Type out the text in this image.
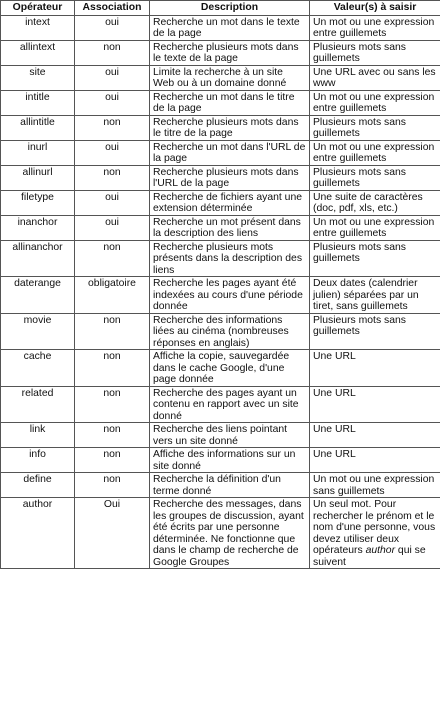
Opérateur	Association	Description	Valeur(s) à saisir
intext	oui	Recherche un mot dans le texte de la page	Un mot ou une expression entre guillemets
allintext	non	Recherche plusieurs mots dans le texte de la page	Plusieurs mots sans guillemets
site	oui	Limite la recherche à un site Web ou à un domaine donné	Une URL avec ou sans les www
intitle	oui	Recherche un mot dans le titre de la page	Un mot ou une expression entre guillemets
allintitle	non	Recherche plusieurs mots dans le titre de la page	Plusieurs mots sans guillemets
inurl	oui	Recherche un mot dans l'URL de la page	Un mot ou une expression entre guillemets
allinurl	non	Recherche plusieurs mots dans l'URL de la page	Plusieurs mots sans guillemets
filetype	oui	Recherche de fichiers ayant une extension déterminée	Une suite de caractères (doc, pdf, xls, etc.)
inanchor	oui	Recherche un mot présent dans la description des liens	Un mot ou une expression entre guillemets
allinanchor	non	Recherche plusieurs mots présents dans la description des liens	Plusieurs mots sans guillemets
daterange	obligatoire	Recherche les pages ayant été indexées au cours d'une période donnée	Deux dates (calendrier julien) séparées par un tiret, sans guillemets
movie	non	Recherche des informations liées au cinéma (nombreuses réponses en anglais)	Plusieurs mots sans guillemets
cache	non	Affiche la copie, sauvegardée dans le cache Google, d'une page donnée	Une URL
related	non	Recherche des pages ayant un contenu en rapport avec un site donné	Une URL
link	non	Recherche des liens pointant vers un site donné	Une URL
info	non	Affiche des informations sur un site donné	Une URL
define	non	Recherche la définition d'un terme donné	Un mot ou une expression sans guillemets
author	Oui	Recherche des messages, dans les groupes de discussion, ayant été écrits par une personne déterminée. Ne fonctionne que dans le champ de recherche de Google Groupes	Un seul mot. Pour rechercher le prénom et le nom d'une personne, vous devez utiliser deux opérateurs author qui se suivent
